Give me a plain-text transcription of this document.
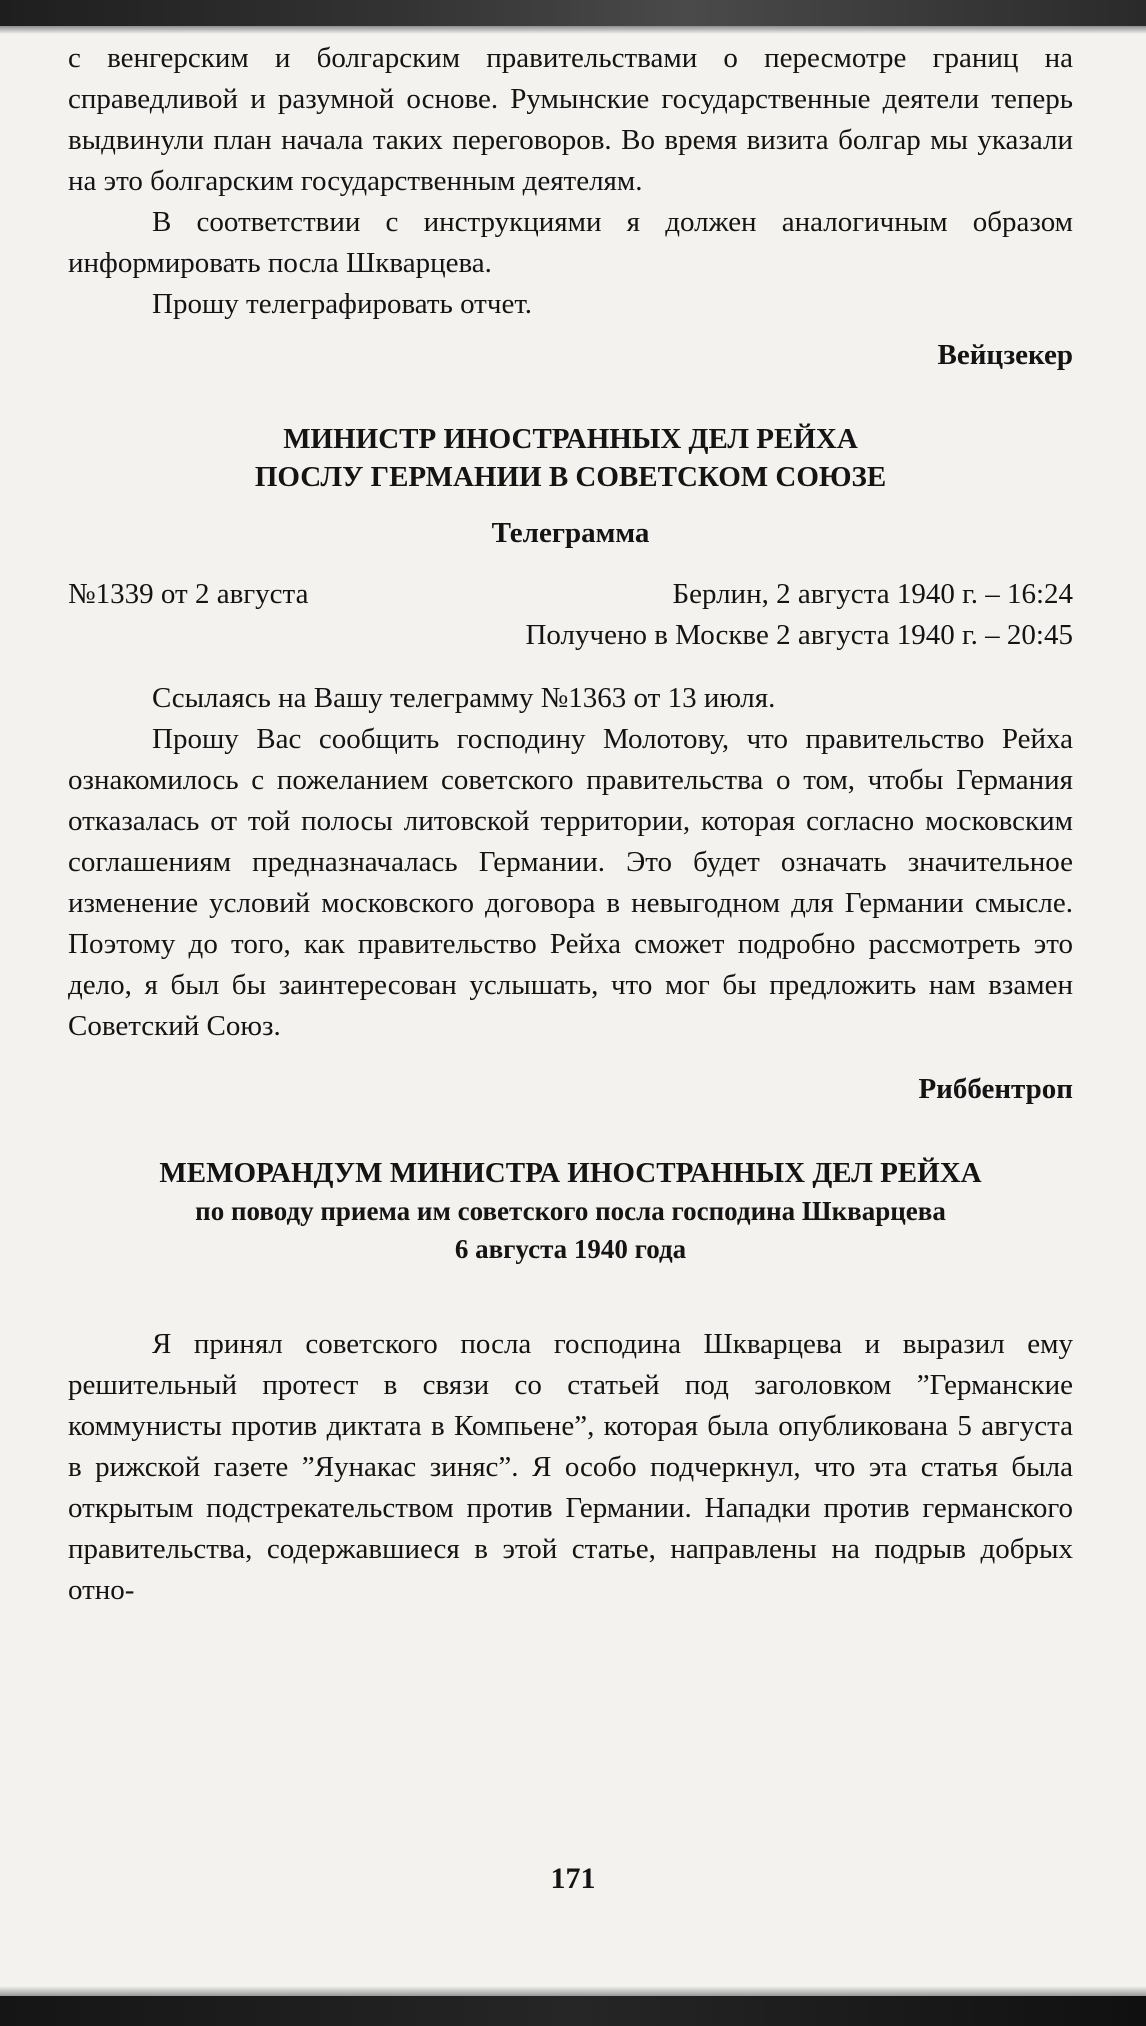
с венгерским и болгарским правительствами о пересмотре границ на справедливой и разумной основе. Румынские государственные деятели теперь выдвинули план начала таких переговоров. Во время визита болгар мы указали на это болгарским государственным деятелям.

В соответствии с инструкциями я должен аналогичным образом информировать посла Шкварцева.

Прошу телеграфировать отчет.

Вейцзекер

МИНИСТР ИНОСТРАННЫХ ДЕЛ РЕЙХА
ПОСЛУ ГЕРМАНИИ В СОВЕТСКОМ СОЮЗЕ
Телеграмма
№1339 от 2 августа	Берлин, 2 августа 1940 г. – 16:24
Получено в Москве 2 августа 1940 г. – 20:45

Ссылаясь на Вашу телеграмму №1363 от 13 июля.

Прошу Вас сообщить господину Молотову, что правительство Рейха ознакомилось с пожеланием советского правительства о том, чтобы Германия отказалась от той полосы литовской территории, которая согласно московским соглашениям предназначалась Германии. Это будет означать значительное изменение условий московского договора в невыгодном для Германии смысле. Поэтому до того, как правительство Рейха сможет подробно рассмотреть это дело, я был бы заинтересован услышать, что мог бы предложить нам взамен Советский Союз.

Риббентроп

МЕМОРАНДУМ МИНИСТРА ИНОСТРАННЫХ ДЕЛ РЕЙХА
по поводу приема им советского посла господина Шкварцева
6 августа 1940 года

Я принял советского посла господина Шкварцева и выразил ему решительный протест в связи со статьей под заголовком ”Германские коммунисты против диктата в Компьене”, которая была опубликована 5 августа в рижской газете ”Яунакас зиняс”. Я особо подчеркнул, что эта статья была открытым подстрекательством против Германии. Нападки против германского правительства, содержавшиеся в этой статье, направлены на подрыв добрых отно-

171
